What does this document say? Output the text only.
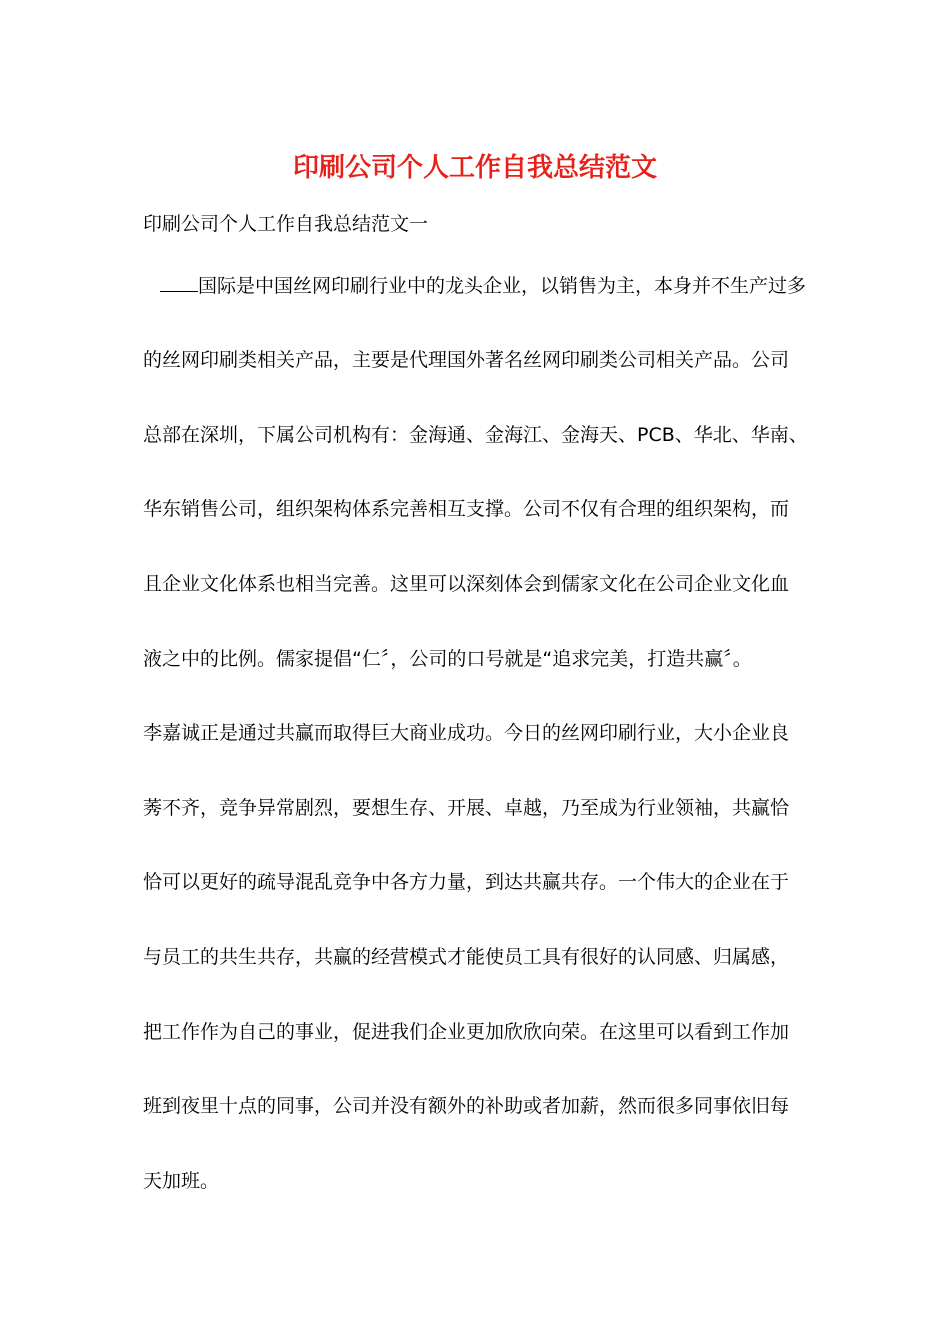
印刷公司个人工作自我总结范文
印刷公司个人工作自我总结范文一
国际是中国丝网印刷行业中的龙头企业，以销售为主，本身并不生产过多
的丝网印刷类相关产品，主要是代理国外著名丝网印刷类公司相关产品。公司
总部在深圳，下属公司机构有：金海通、金海江、金海天、PCB、华北、华南、
华东销售公司，组织架构体系完善相互支撑。公司不仅有合理的组织架构，而
且企业文化体系也相当完善。这里可以深刻体会到儒家文化在公司企业文化血
液之中的比例。儒家提倡“仁〞，公司的口号就是“追求完美，打造共赢〞。
李嘉诚正是通过共赢而取得巨大商业成功。今日的丝网印刷行业，大小企业良
莠不齐，竞争异常剧烈，要想生存、开展、卓越，乃至成为行业领袖，共赢恰
恰可以更好的疏导混乱竞争中各方力量，到达共赢共存。一个伟大的企业在于
与员工的共生共存，共赢的经营模式才能使员工具有很好的认同感、归属感，
把工作作为自己的事业，促进我们企业更加欣欣向荣。在这里可以看到工作加
班到夜里十点的同事，公司并没有额外的补助或者加薪，然而很多同事依旧每
天加班。
